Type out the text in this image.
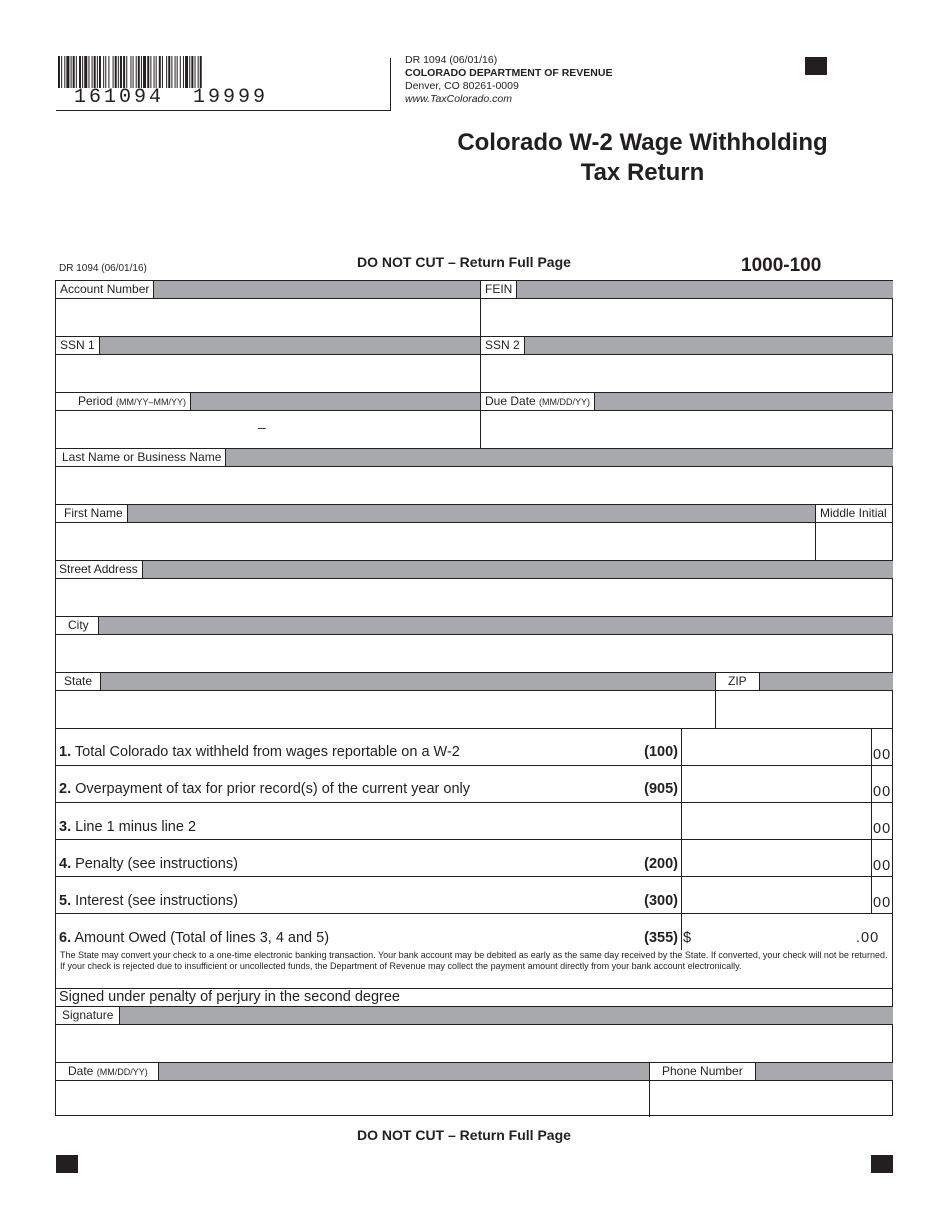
161094 19999
DR 1094 (06/01/16)
COLORADO DEPARTMENT OF REVENUE
Denver, CO 80261-0009
www.TaxColorado.com
Colorado W-2 Wage Withholding
Tax Return
DR 1094 (06/01/16)	DO NOT CUT – Return Full Page	1000-100
Account Number	FEIN
SSN 1	SSN 2
Period (MM/YY–MM/YY)	Due Date (MM/DD/YY)
–
Last Name or Business Name
First Name	Middle Initial
Street Address
City
State	ZIP
1. Total Colorado tax withheld from wages reportable on a W-2	(100)	00
2. Overpayment of tax for prior record(s) of the current year only	(905)	00
3. Line 1 minus line 2	00
4. Penalty (see instructions)	(200)	00
5. Interest (see instructions)	(300)	00
6. Amount Owed (Total of lines 3, 4 and 5)	(355) $	.00
The State may convert your check to a one-time electronic banking transaction. Your bank account may be debited as early as the same day received by the State. If converted, your check will not be returned. If your check is rejected due to insufficient or uncollected funds, the Department of Revenue may collect the payment amount directly from your bank account electronically.
Signed under penalty of perjury in the second degree
Signature
Date (MM/DD/YY)	Phone Number
DO NOT CUT – Return Full Page
